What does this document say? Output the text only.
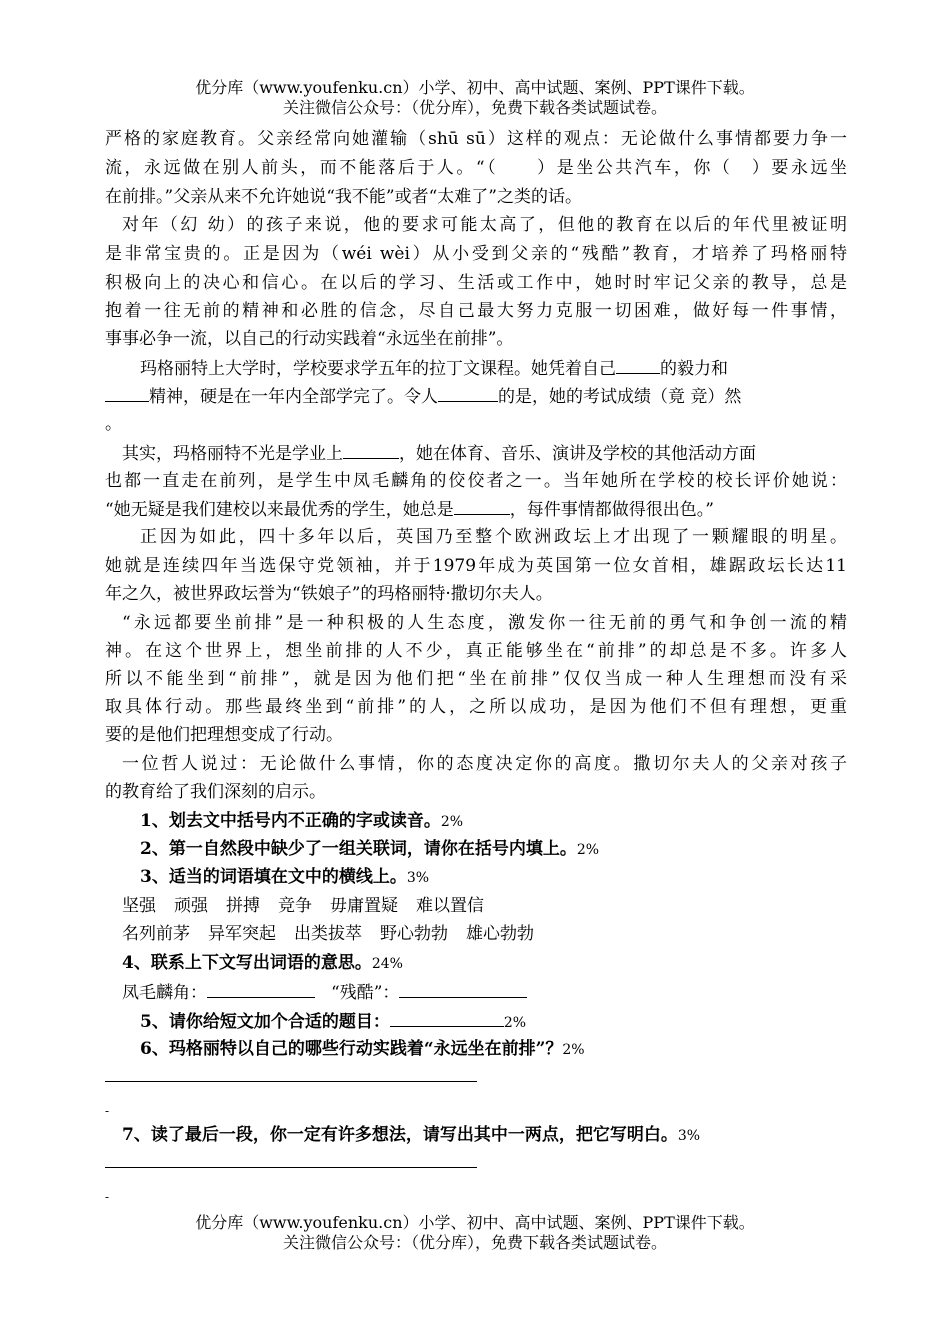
优分库（www.youfenku.cn）小学、初中、高中试题、案例、PPT课件下载。
关注微信公众号：（优分库），免费下载各类试题试卷。
严格的家庭教育。父亲经常向她灌输（shū sū）这样的观点：无论做什么事情都要力争一
流，永远做在别人前头，而不能落后于人。“（　　）是坐公共汽车，你（　）要永远坐
在前排。”父亲从来不允许她说“我不能”或者“太难了”之类的话。
对年（幻 幼）的孩子来说，他的要求可能太高了，但他的教育在以后的年代里被证明
是非常宝贵的。正是因为（wéi wèi）从小受到父亲的“残酷”教育，才培养了玛格丽特
积极向上的决心和信心。在以后的学习、生活或工作中，她时时牢记父亲的教导，总是
抱着一往无前的精神和必胜的信念，尽自己最大努力克服一切困难，做好每一件事情，
事事必争一流，以自己的行动实践着“永远坐在前排”。
玛格丽特上大学时，学校要求学五年的拉丁文课程。她凭着自己	的毅力和
精神，硬是在一年内全部学完了。令人	的是，她的考试成绩（竟 竞）然
。
其实，玛格丽特不光是学业上	，她在体育、音乐、演讲及学校的其他活动方面
也都一直走在前列，是学生中凤毛麟角的佼佼者之一。当年她所在学校的校长评价她说：
“她无疑是我们建校以来最优秀的学生，她总是	，每件事情都做得很出色。”
正因为如此，四十多年以后，英国乃至整个欧洲政坛上才出现了一颗耀眼的明星。
她就是连续四年当选保守党领袖，并于1979年成为英国第一位女首相，雄踞政坛长达11
年之久，被世界政坛誉为“铁娘子”的玛格丽特·撒切尔夫人。
“永远都要坐前排”是一种积极的人生态度，激发你一往无前的勇气和争创一流的精
神。在这个世界上，想坐前排的人不少，真正能够坐在“前排”的却总是不多。许多人
所以不能坐到“前排”，就是因为他们把“坐在前排”仅仅当成一种人生理想而没有采
取具体行动。那些最终坐到“前排”的人，之所以成功，是因为他们不但有理想，更重
要的是他们把理想变成了行动。
一位哲人说过：无论做什么事情，你的态度决定你的高度。撒切尔夫人的父亲对孩子
的教育给了我们深刻的启示。
1、划去文中括号内不正确的字或读音。2%
2、第一自然段中缺少了一组关联词，请你在括号内填上。2%
3、适当的词语填在文中的横线上。3%
坚强 顽强 拼搏 竞争 毋庸置疑 难以置信
名列前茅 异军突起 出类拔萃 野心勃勃 雄心勃勃
4、联系上下文写出词语的意思。24%
凤毛麟角：	“残酷”：
5、请你给短文加个合适的题目：	2%
6、玛格丽特以自己的哪些行动实践着“永远坐在前排”？2%
-
7、读了最后一段，你一定有许多想法，请写出其中一两点，把它写明白。3%
-
优分库（www.youfenku.cn）小学、初中、高中试题、案例、PPT课件下载。
关注微信公众号：（优分库），免费下载各类试题试卷。
